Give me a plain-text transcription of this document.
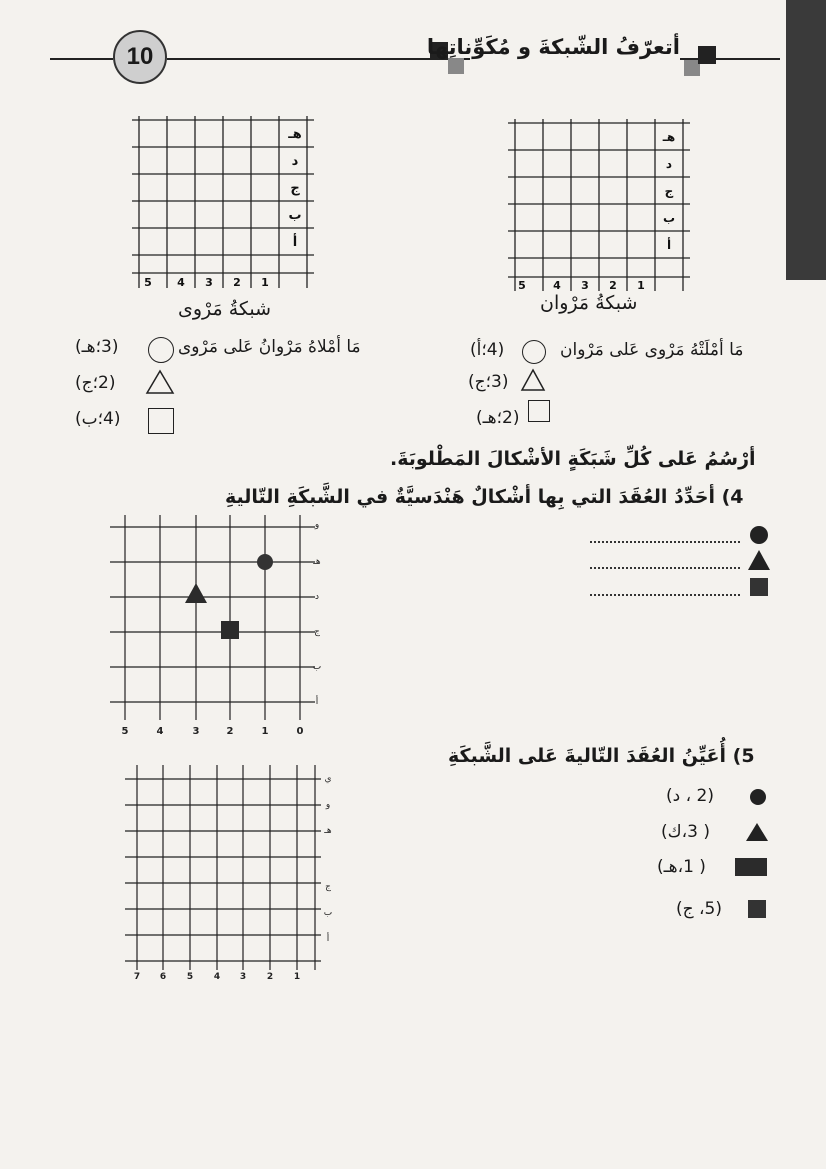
10	أتعرّفُ الشّبكةَ و مُكَوِّناتِها
هـ
د
ج
ب
أ
5 4 3 2 1
شبكةُ مَرْوان
هـ
د
ج
ب
أ
5 4 3 2 1
شبكةُ مَرْوى
مَا أمْلَتْهُ مَرْوى عَلى مَرْوان
(4؛أ)
(3؛ج)
(2؛هـ)
مَا أمْلاهُ مَرْوانُ عَلى مَرْوى
(3؛هـ)
(2؛ج)
(4؛ب)
أرْسُمُ عَلى كُلِّ شَبَكَةٍ الأشْكالَ المَطْلوبَةَ.
4) أحَدِّدُ العُقَدَ التي بِها أشْكالٌ هَنْدَسيَّةٌ في الشَّبكَةِ التّاليةِ
و
هـ
د
ج
ب
أ
5	4	3	2	1	0
5) أُعَيِّنُ العُقَدَ التّاليةَ عَلى الشَّبكَةِ
(2 ، د)
( 3،ك)
( 1،هـ)
(5، ج)
ي
و
هـ
ج
ب
أ
7 6 5 4 3 2 1
